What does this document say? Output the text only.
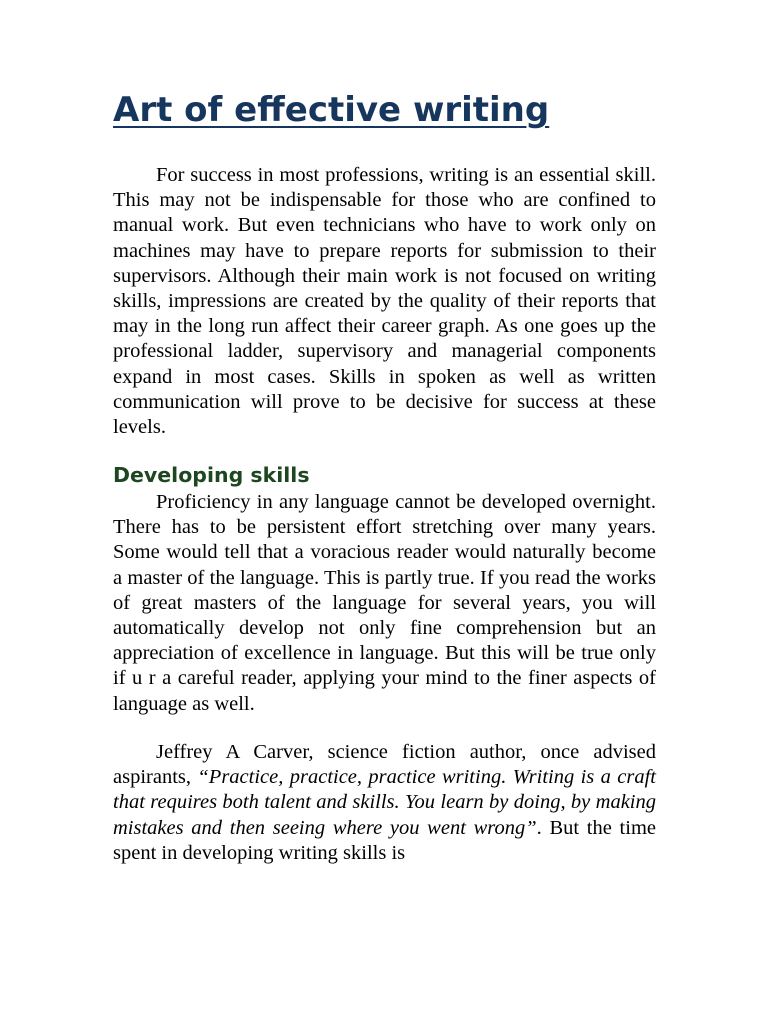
Art of effective writing

For success in most professions, writing is an essential skill. This may not be indispensable for those who are confined to manual work. But even technicians who have to work only on machines may have to prepare reports for submission to their supervisors. Although their main work is not focused on writing skills, impressions are created by the quality of their reports that may in the long run affect their career graph. As one goes up the professional ladder, supervisory and managerial components expand in most cases. Skills in spoken as well as written communication will prove to be decisive for success at these levels.

Developing skills

Proficiency in any language cannot be developed overnight. There has to be persistent effort stretching over many years. Some would tell that a voracious reader would naturally become a master of the language. This is partly true. If you read the works of great masters of the language for several years, you will automatically develop not only fine comprehension but an appreciation of excellence in language. But this will be true only if u r a careful reader, applying your mind to the finer aspects of language as well.

Jeffrey A Carver, science fiction author, once advised aspirants, “Practice, practice, practice writing. Writing is a craft that requires both talent and skills. You learn by doing, by making mistakes and then seeing where you went wrong”. But the time spent in developing writing skills is
